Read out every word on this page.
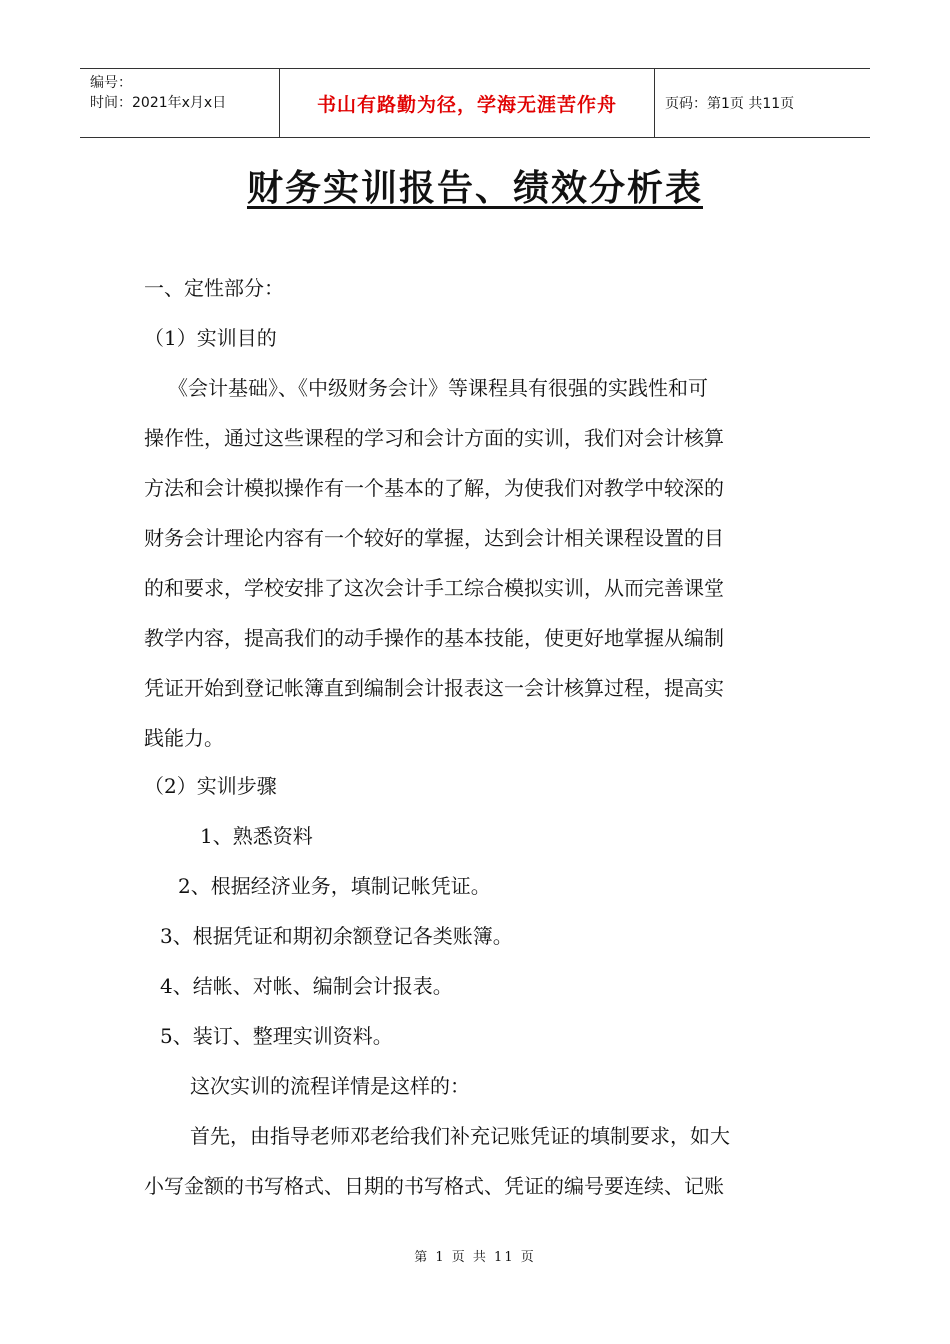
编号：
时间：2021年x月x日	书山有路勤为径，学海无涯苦作舟	页码：第1页 共11页
财务实训报告、绩效分析表
一、定性部分：
（1）实训目的
《会计基础》、《中级财务会计》等课程具有很强的实践性和可
操作性，通过这些课程的学习和会计方面的实训，我们对会计核算
方法和会计模拟操作有一个基本的了解，为使我们对教学中较深的
财务会计理论内容有一个较好的掌握，达到会计相关课程设置的目
的和要求，学校安排了这次会计手工综合模拟实训，从而完善课堂
教学内容，提高我们的动手操作的基本技能，使更好地掌握从编制
凭证开始到登记帐簿直到编制会计报表这一会计核算过程，提高实
践能力。
（2）实训步骤
1、熟悉资料
2、根据经济业务，填制记帐凭证。
3、根据凭证和期初余额登记各类账簿。
4、结帐、对帐、编制会计报表。
5、装订、整理实训资料。
这次实训的流程详情是这样的：
首先，由指导老师邓老给我们补充记账凭证的填制要求，如大
小写金额的书写格式、日期的书写格式、凭证的编号要连续、记账
第 1 页 共 11 页
